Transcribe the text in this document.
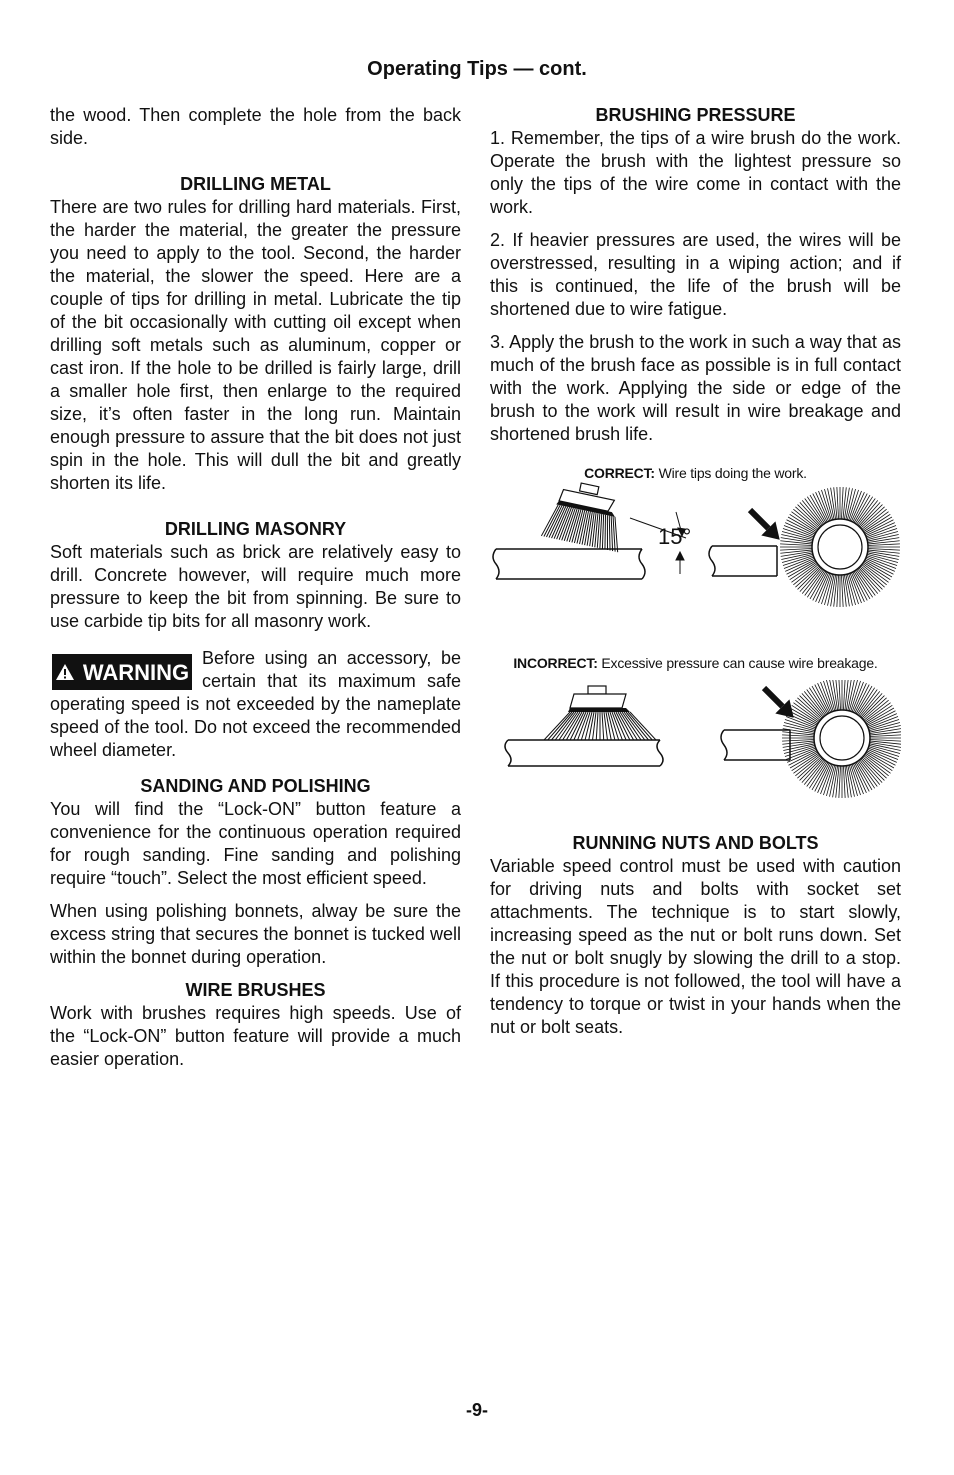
Operating Tips — cont.

the wood. Then complete the hole from the back side.

DRILLING METAL

There are two rules for drilling hard materials. First, the harder the material, the greater the pressure you need to apply to the tool. Second, the harder the material, the slower the speed. Here are a couple of tips for drilling in metal. Lubricate the tip of the bit occasionally with cutting oil except when drilling soft metals such as aluminum, copper or cast iron. If the hole to be drilled is fairly large, drill a smaller hole first, then enlarge to the required size, it’s often faster in the long run. Maintain enough pressure to assure that the bit does not just spin in the hole. This will dull the bit and greatly shorten its life.

DRILLING MASONRY

Soft materials such as brick are relatively easy to drill. Concrete however, will require much more pressure to keep the bit from spinning. Be sure to use carbide tip bits for all masonry work.

WARNING
Before using an accessory, be certain that its maximum safe operating speed is not exceeded by the nameplate speed of the tool. Do not exceed the recommended wheel diameter.
SANDING AND POLISHING

You will find the “Lock-ON” button feature a convenience for the continuous operation required for rough sanding. Fine sanding and polishing require “touch”. Select the most efficient speed.

When using polishing bonnets, alway be sure the excess string that secures the bonnet is tucked well within the bonnet during operation.

WIRE BRUSHES

Work with brushes requires high speeds. Use of the “Lock-ON” button feature will provide a much easier operation.

BRUSHING PRESSURE

1. Remember, the tips of a wire brush do the work. Operate the brush with the lightest pressure so only the tips of the wire come in contact with the work.

2. If heavier pressures are used, the wires will be overstressed, resulting in a wiping action; and if this is continued, the life of the brush will be shortened due to wire fatigue.

3. Apply the brush to the work in such a way that as much of the brush face as possible is in full contact with the work. Applying the side or edge of the brush to the work will result in wire breakage and shortened brush life.

CORRECT: Wire tips doing the work.
15°
INCORRECT: Excessive pressure can cause wire breakage.
RUNNING NUTS AND BOLTS

Variable speed control must be used with caution for driving nuts and bolts with socket set attachments. The technique is to start slowly, increasing speed as the nut or bolt runs down. Set the nut or bolt snugly by slowing the drill to a stop. If this procedure is not followed, the tool will have a tendency to torque or twist in your hands when the nut or bolt seats.

-9-
